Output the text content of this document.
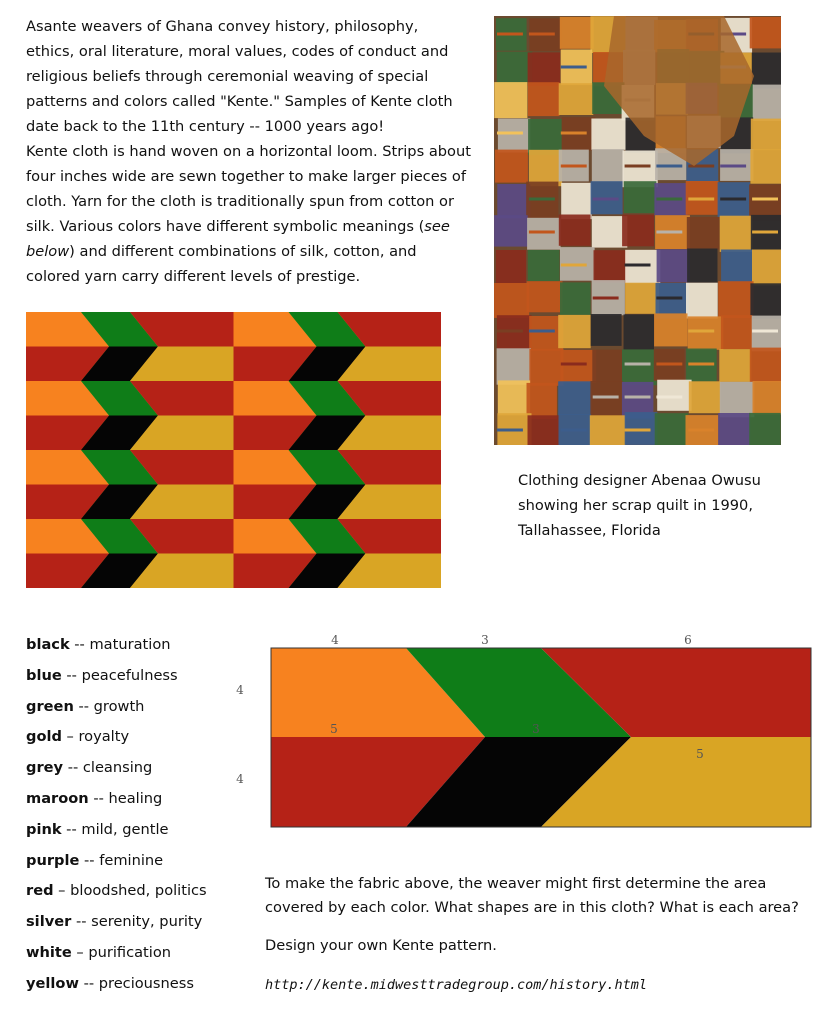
Asante weavers of Ghana convey history, philosophy, ethics, oral literature, moral values, codes of conduct and religious beliefs through ceremonial weaving of special patterns and colors called "Kente." Samples of Kente cloth date back to the 11th century -- 1000 years ago!

Kente cloth is hand woven on a horizontal loom. Strips about four inches wide are sewn together to make larger pieces of cloth. Yarn for the cloth is traditionally spun from cotton or silk. Various colors have different symbolic meanings (see below) and different combinations of silk, cotton, and colored yarn carry different levels of prestige.

Clothing designer Abenaa Owusu
showing her scrap quilt in 1990,
Tallahassee, Florida
black -- maturation
blue -- peacefulness
green -- growth
gold – royalty
grey -- cleansing
maroon -- healing
pink -- mild, gentle
purple -- feminine
red – bloodshed, politics
silver -- serenity, purity
white – purification
yellow -- preciousness
4	3	6
4
4
5	3
5

To make the fabric above, the weaver might first determine the area covered by each color. What shapes are in this cloth? What is each area?

Design your own Kente pattern.
http://kente.midwesttradegroup.com/history.html
